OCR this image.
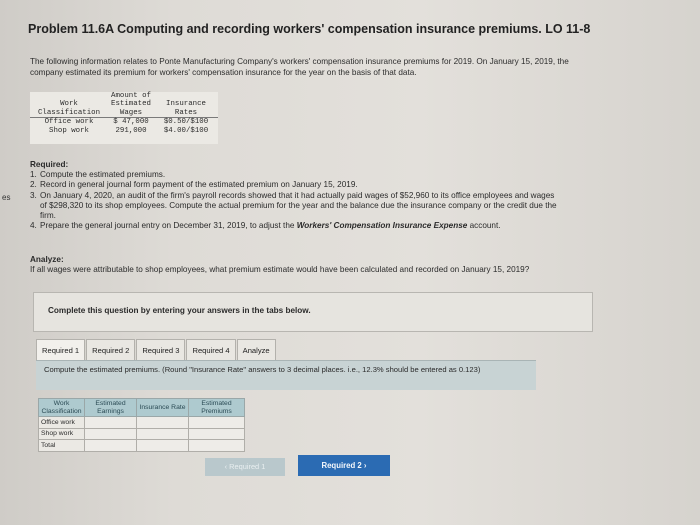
es
Problem 11.6A Computing and recording workers' compensation insurance premiums. LO 11-8
The following information relates to Ponte Manufacturing Company's workers' compensation insurance premiums for 2019. On January 15, 2019, the company estimated its premium for workers' compensation insurance for the year on the basis of that data.
Amount of
Work	Estimated	Insurance
Classification	Wages	Rates
Office work	$ 47,000	$0.50/$100
Shop work	291,000	$4.00/$100
Required:
1. Compute the estimated premiums.
2. Record in general journal form payment of the estimated premium on January 15, 2019.
3. On January 4, 2020, an audit of the firm's payroll records showed that it had actually paid wages of $52,960 to its office employees and wages of $298,320 to its shop employees. Compute the actual premium for the year and the balance due the insurance company or the credit due the firm.
4. Prepare the general journal entry on December 31, 2019, to adjust the Workers' Compensation Insurance Expense account.
Analyze:
If all wages were attributable to shop employees, what premium estimate would have been calculated and recorded on January 15, 2019?
Complete this question by entering your answers in the tabs below.
Required 1	Required 2	Required 3	Required 4	Analyze
Compute the estimated premiums. (Round "Insurance Rate" answers to 3 decimal places. i.e., 12.3% should be entered as 0.123)
Work Classification	Estimated Earnings	Insurance Rate	Estimated Premiums
Office work			
Shop work			
Total			
‹ Required 1	Required 2 ›
